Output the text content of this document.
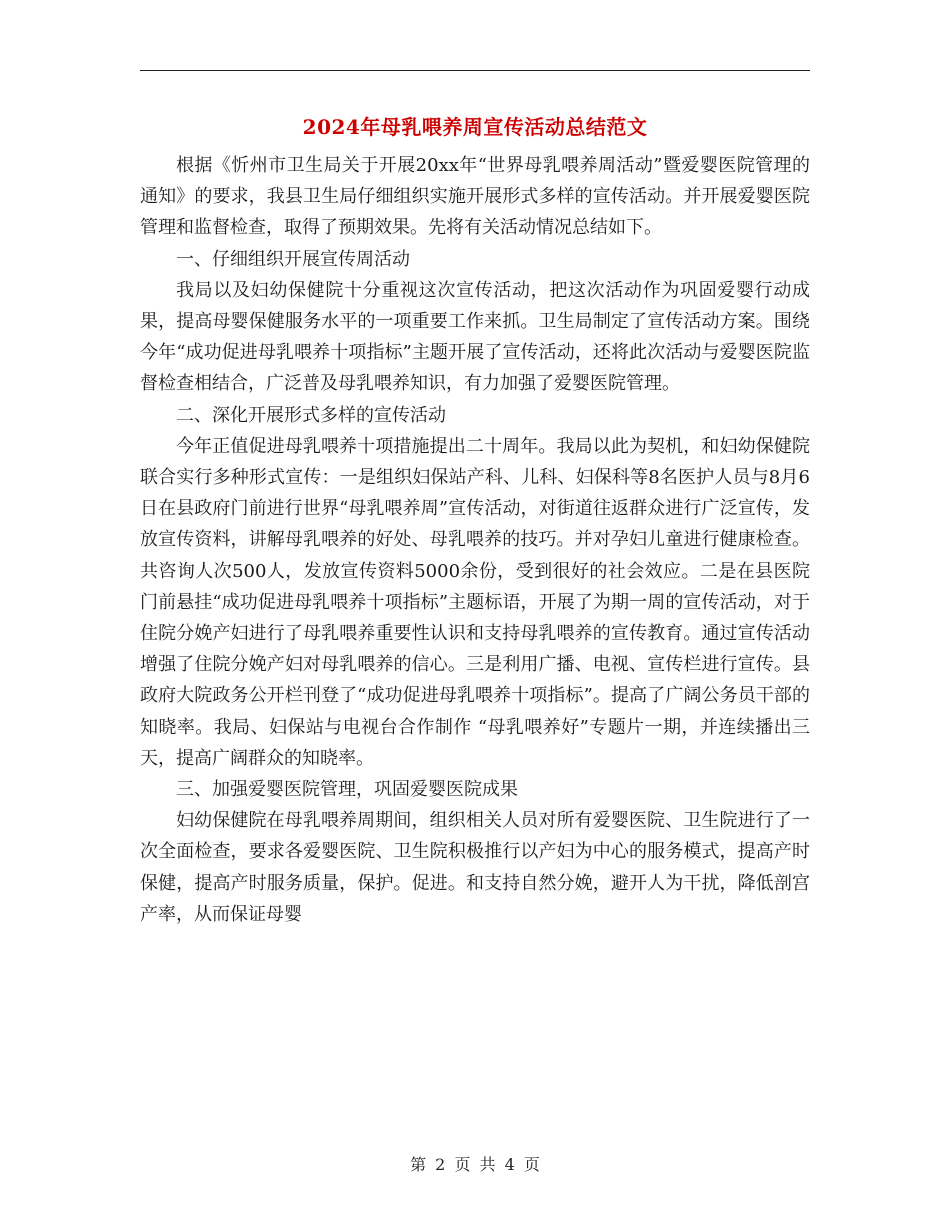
2024年母乳喂养周宣传活动总结范文

根据《忻州市卫生局关于开展20xx年“世界母乳喂养周活动”暨爱婴医院管理的通知》的要求，我县卫生局仔细组织实施开展形式多样的宣传活动。并开展爱婴医院管理和监督检查，取得了预期效果。先将有关活动情况总结如下。

一、仔细组织开展宣传周活动

我局以及妇幼保健院十分重视这次宣传活动，把这次活动作为巩固爱婴行动成果，提高母婴保健服务水平的一项重要工作来抓。卫生局制定了宣传活动方案。围绕今年“成功促进母乳喂养十项指标”主题开展了宣传活动，还将此次活动与爱婴医院监督检查相结合，广泛普及母乳喂养知识，有力加强了爱婴医院管理。

二、深化开展形式多样的宣传活动

今年正值促进母乳喂养十项措施提出二十周年。我局以此为契机，和妇幼保健院联合实行多种形式宣传：一是组织妇保站产科、儿科、妇保科等8名医护人员与8月6日在县政府门前进行世界“母乳喂养周”宣传活动，对街道往返群众进行广泛宣传，发放宣传资料，讲解母乳喂养的好处、母乳喂养的技巧。并对孕妇儿童进行健康检查。共咨询人次500人，发放宣传资料5000余份，受到很好的社会效应。二是在县医院门前悬挂“成功促进母乳喂养十项指标”主题标语，开展了为期一周的宣传活动，对于住院分娩产妇进行了母乳喂养重要性认识和支持母乳喂养的宣传教育。通过宣传活动增强了住院分娩产妇对母乳喂养的信心。三是利用广播、电视、宣传栏进行宣传。县政府大院政务公开栏刊登了“成功促进母乳喂养十项指标”。提高了广阔公务员干部的知晓率。我局、妇保站与电视台合作制作 “母乳喂养好”专题片一期，并连续播出三天，提高广阔群众的知晓率。

三、加强爱婴医院管理，巩固爱婴医院成果

妇幼保健院在母乳喂养周期间，组织相关人员对所有爱婴医院、卫生院进行了一次全面检查，要求各爱婴医院、卫生院积极推行以产妇为中心的服务模式，提高产时保健，提高产时服务质量，保护。促进。和支持自然分娩，避开人为干扰，降低剖宫产率，从而保证母婴

第 2 页 共 4 页
